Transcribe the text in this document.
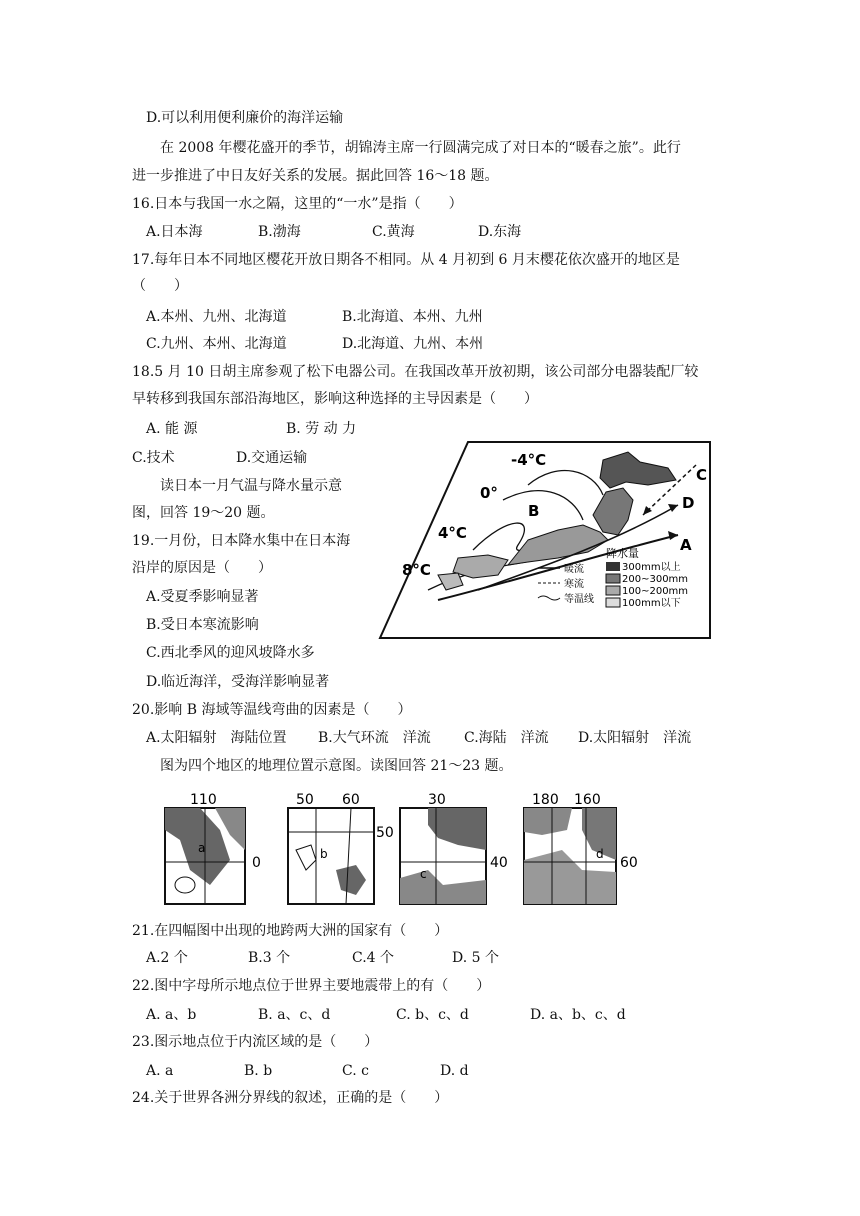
D.可以利用便利廉价的海洋运输
在 2008 年樱花盛开的季节，胡锦涛主席一行圆满完成了对日本的“暖春之旅”。此行
进一步推进了中日友好关系的发展。据此回答 16～18 题。
16.日本与我国一水之隔，这里的“一水”是指（　　）
A.日本海	B.渤海	C.黄海	D.东海
17.每年日本不同地区樱花开放日期各不相同。从 4 月初到 6 月末樱花依次盛开的地区是
（　　）
A.本州、九州、北海道	B.北海道、本州、九州
C.九州、本州、北海道	D.北海道、九州、本州
18.5 月 10 日胡主席参观了松下电器公司。在我国改革开放初期，该公司部分电器装配厂较
早转移到我国东部沿海地区，影响这种选择的主导因素是（　　）
A. 能 源	B. 劳 动 力
C.技术	D.交通运输
读日本一月气温与降水量示意
图，回答 19～20 题。
19.一月份，日本降水集中在日本海
沿岸的原因是（　　）
A.受夏季影响显著
B.受日本寒流影响
C.西北季风的迎风坡降水多
D.临近海洋，受海洋影响显著
20.影响 B 海域等温线弯曲的因素是（　　）
A.太阳辐射　海陆位置 B.大气环流　洋流 C.海陆　洋流 D.太阳辐射　洋流
图为四个地区的地理位置示意图。读图回答 21～23 题。
-4°C
0°
4°C
8°C
A
B
C
D
降水量
暖流
寒流
等温线
300mm以上
200~300mm
100~200mm
100mm以下
110
0
a
50 60
50
b
30
40
c
180 160
60
d
21.在四幅图中出现的地跨两大洲的国家有（　　）
A.2 个	B.3 个	C.4 个	D. 5 个
22.图中字母所示地点位于世界主要地震带上的有（　　）
A. a、b	B. a、c、d	C. b、c、d	D. a、b、c、d
23.图示地点位于内流区域的是（　　）
A. a	B. b	C. c	D. d
24.关于世界各洲分界线的叙述，正确的是（　　）
